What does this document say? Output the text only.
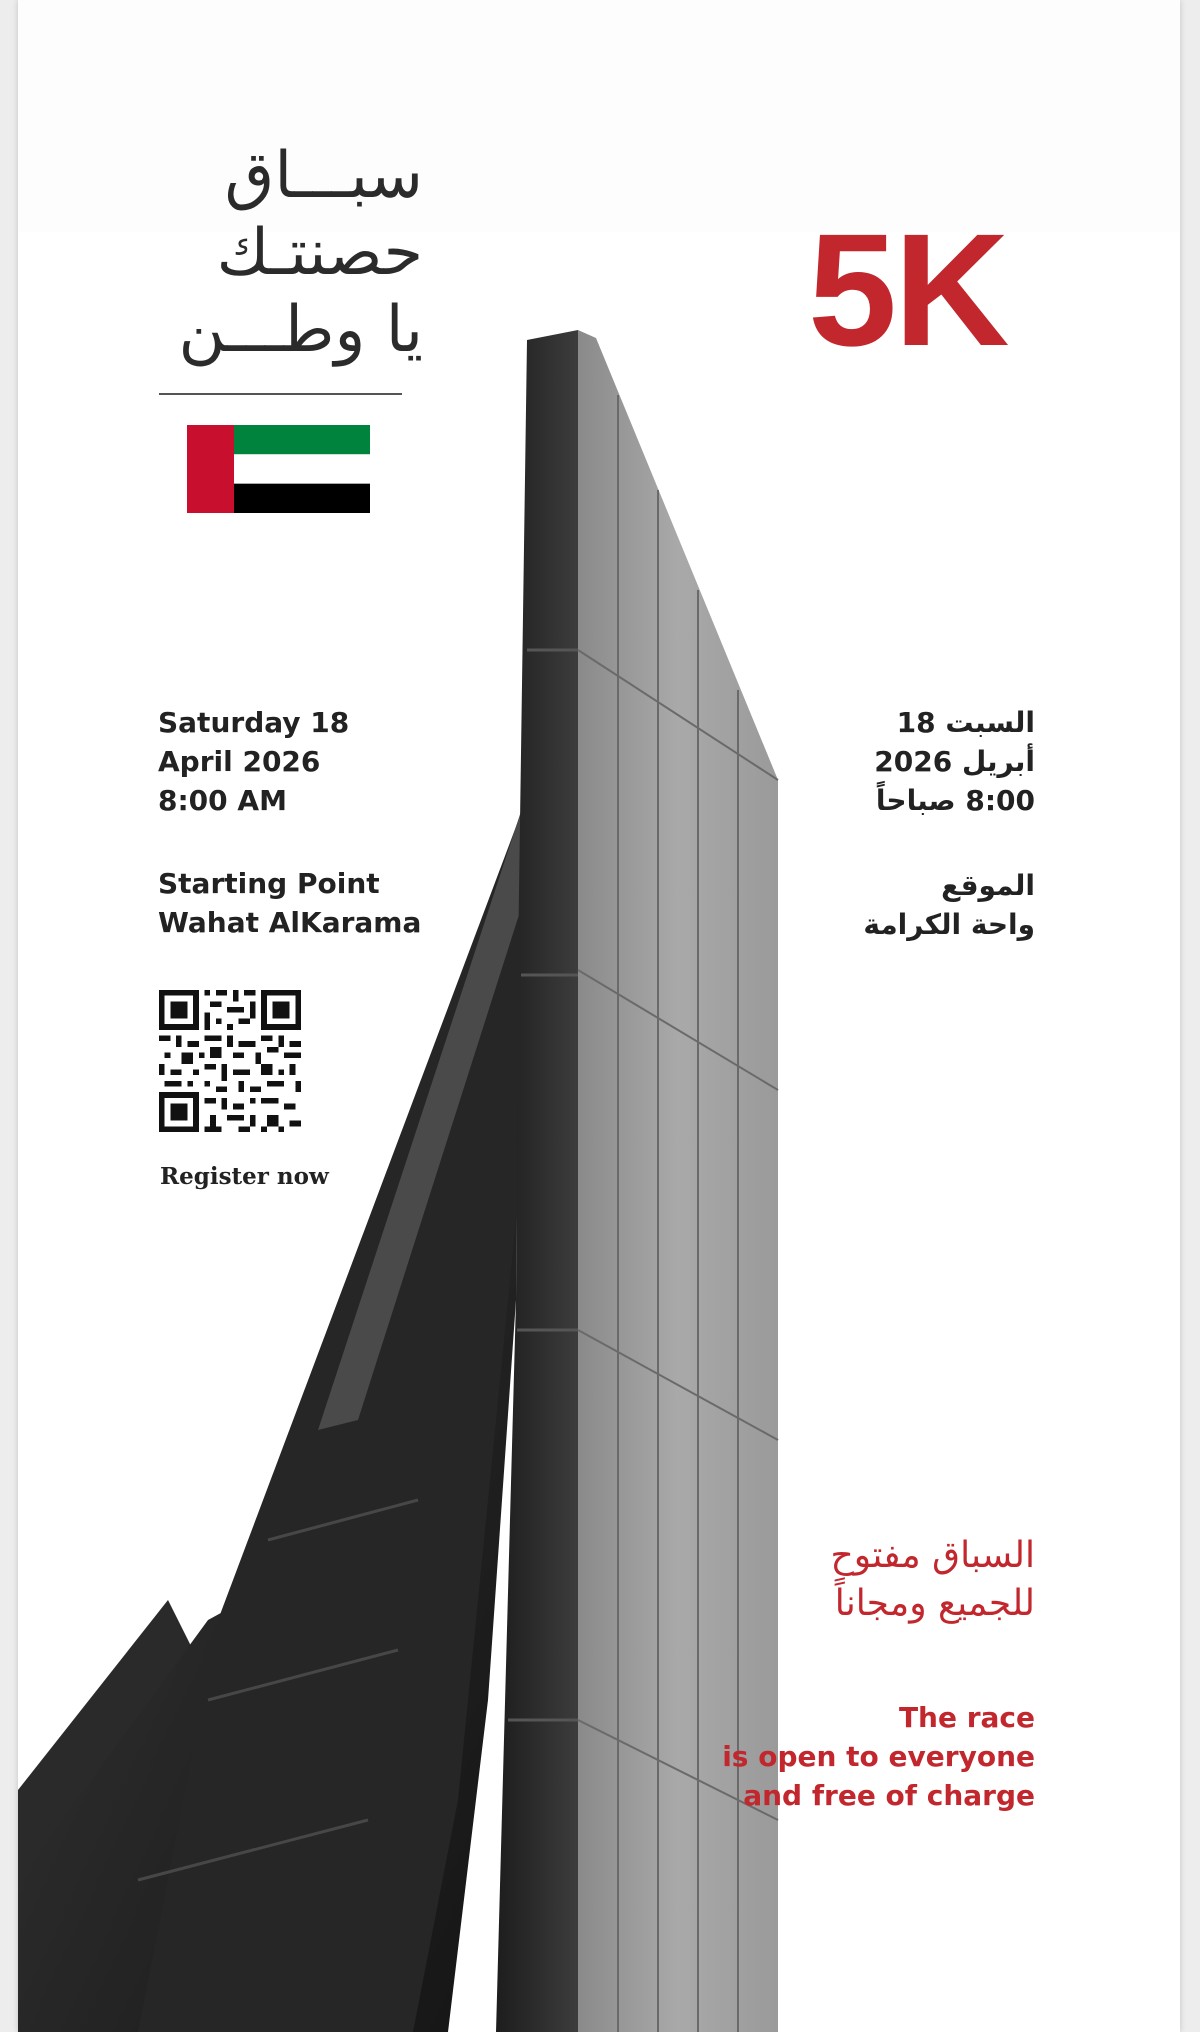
سبـــاق
حصنتـك
يا وطـــن 5K
Saturday 18
April 2026
8:00 AM
Starting Point
Wahat AlKarama
السبت 18
أبريل 2026
8:00 صباحاً
الموقع
واحة الكرامة
Register now
السباق مفتوح
للجميع ومجاناً
The race
is open to everyone
and free of charge
